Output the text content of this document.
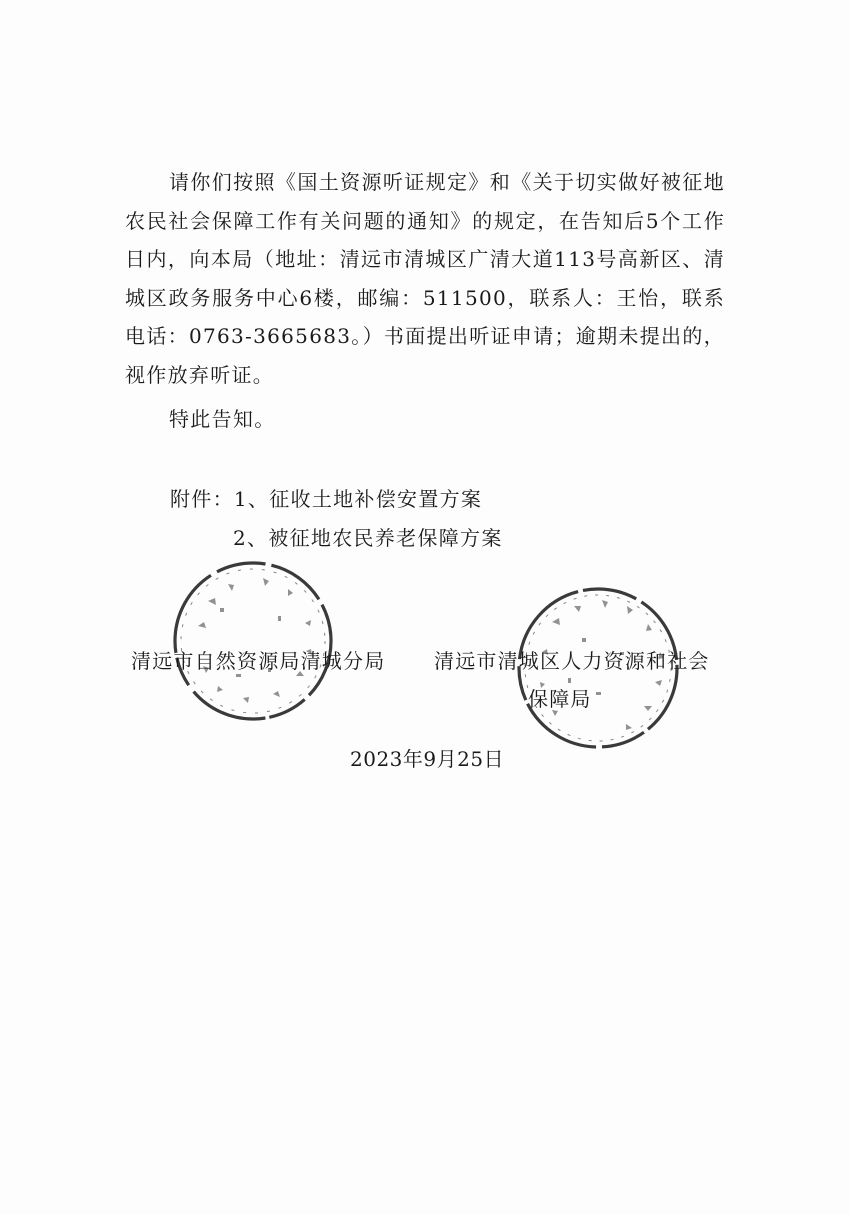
请你们按照《国土资源听证规定》和《关于切实做好被征地农民社会保障工作有关问题的通知》的规定，在告知后5个工作日内，向本局（地址：清远市清城区广清大道113号高新区、清城区政务服务中心6楼，邮编：511500，联系人：王怡，联系电话：0763-3665683。）书面提出听证申请；逾期未提出的，视作放弃听证。

特此告知。

附件：1、征收土地补偿安置方案

2、被征地农民养老保障方案

清远市自然资源局清城分局 清远市清城区人力资源和社会

保障局

2023年9月25日
